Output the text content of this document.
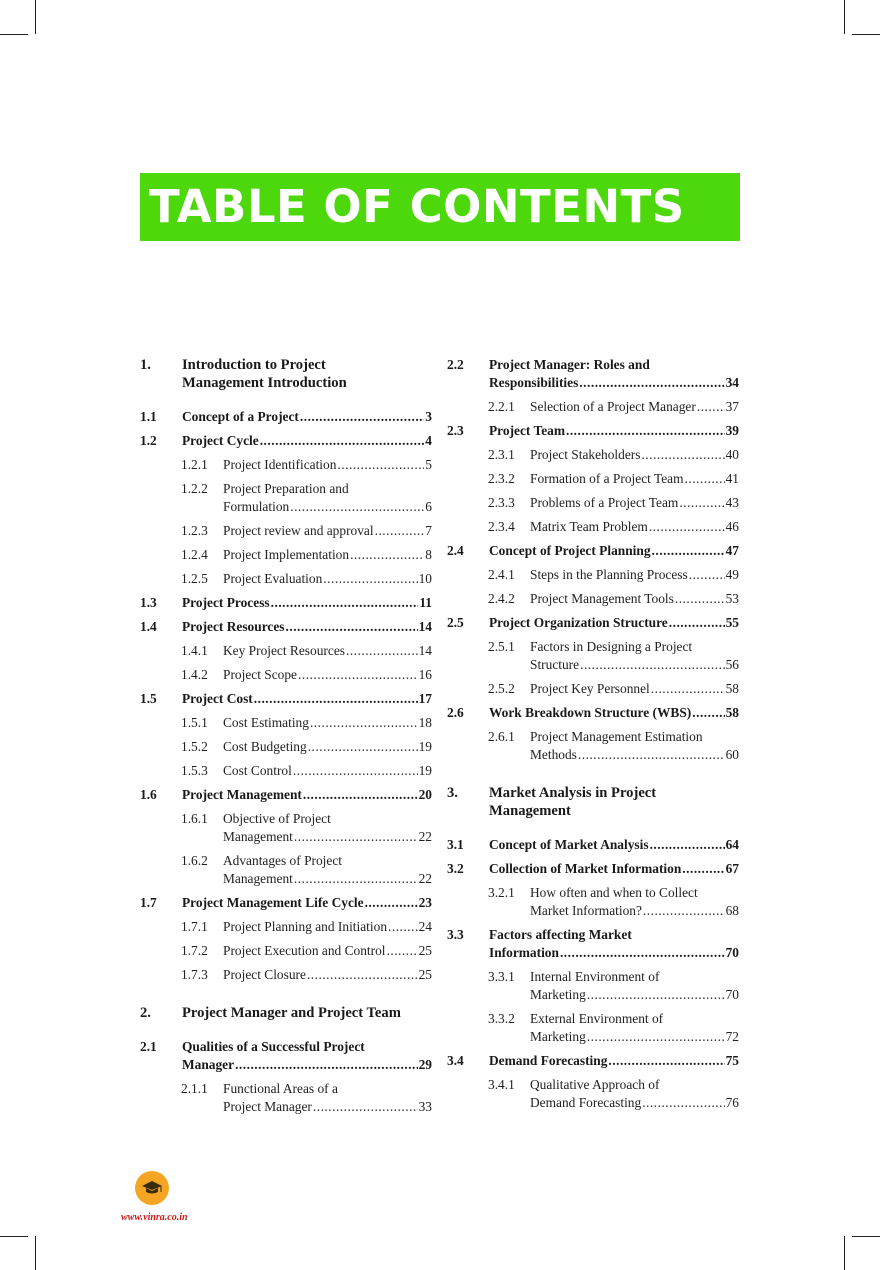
TABLE OF CONTENTS
1. Introduction to Project
Management Introduction
1.1 Concept of a Project .....	3
1.2 Project Cycle .....	4
1.2.1 Project Identification .....	5
1.2.2 Project Preparation and
Formulation .....	6
1.2.3 Project review and approval .....	7
1.2.4 Project Implementation .....	8
1.2.5 Project Evaluation .....	10
1.3 Project Process .....	11
1.4 Project Resources .....	14
1.4.1 Key Project Resources .....	14
1.4.2 Project Scope .....	16
1.5 Project Cost .....	17
1.5.1 Cost Estimating .....	18
1.5.2 Cost Budgeting .....	19
1.5.3 Cost Control .....	19
1.6 Project Management .....	20
1.6.1 Objective of Project
Management .....	22
1.6.2 Advantages of Project
Management .....	22
1.7 Project Management Life Cycle .....	23
1.7.1 Project Planning and Initiation ..... 24
1.7.2 Project Execution and Control ..... 25
1.7.3 Project Closure .....	25
2. Project Manager and Project Team
2.1 Qualities of a Successful Project
Manager .....	29
2.1.1 Functional Areas of a
Project Manager .....	33
2.2 Project Manager: Roles and
Responsibilities .....	34
2.2.1 Selection of a Project Manager ..... 37
2.3 Project Team .....	39
2.3.1 Project Stakeholders .....	40
2.3.2 Formation of a Project Team .....	41
2.3.3 Problems of a Project Team .....	43
2.3.4 Matrix Team Problem .....	46
2.4 Concept of Project Planning .....	47
2.4.1 Steps in the Planning Process .....	49
2.4.2 Project Management Tools .....	53
2.5 Project Organization Structure .....	55
2.5.1 Factors in Designing a Project
Structure .....	56
2.5.2 Project Key Personnel .....	58
2.6 Work Breakdown Structure (WBS) .....	58
2.6.1 Project Management Estimation
Methods .....	60
3. Market Analysis in Project
Management
3.1 Concept of Market Analysis .....	64
3.2 Collection of Market Information .....	67
3.2.1 How often and when to Collect
Market Information? .....	68
3.3 Factors affecting Market
Information .....	70
3.3.1 Internal Environment of
Marketing .....	70
3.3.2 External Environment of
Marketing .....	72
3.4 Demand Forecasting .....	75
3.4.1 Qualitative Approach of
Demand Forecasting .....	76
www.vinra.co.in
